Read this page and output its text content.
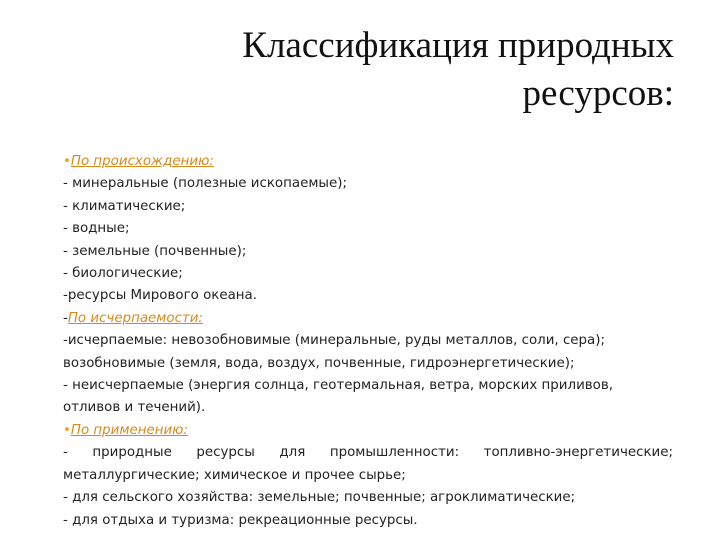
Классификация природных
ресурсов:
•По происхождению:
- минеральные (полезные ископаемые);
- климатические;
- водные;
- земельные (почвенные);
- биологические;
-ресурсы Мирового океана.
-По исчерпаемости:
-исчерпаемые: невозобновимые (минеральные, руды металлов, соли, сера);
возобновимые (земля, вода, воздух, почвенные, гидроэнергетические);
- неисчерпаемые (энергия солнца, геотермальная, ветра, морских приливов,
отливов и течений).
•По применению:
- природные ресурсы для промышленности: топливно-энергетические;
металлургические; химическое и прочее сырье;
- для сельского хозяйства: земельные; почвенные; агроклиматические;
- для отдыха и туризма: рекреационные ресурсы.
